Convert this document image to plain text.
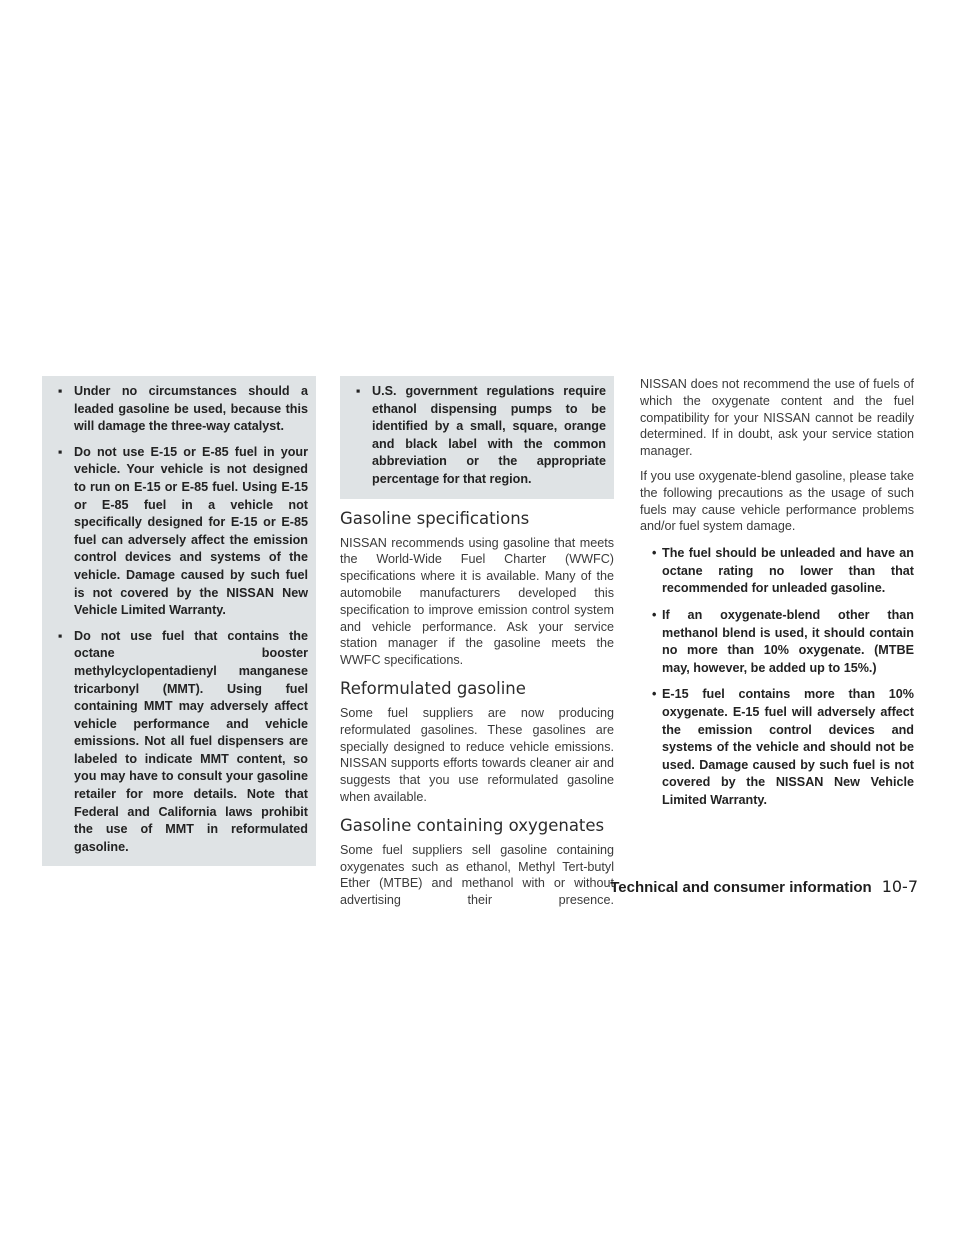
▪ Under no circumstances should a leaded gasoline be used, because this will damage the three-way catalyst.
▪ Do not use E-15 or E-85 fuel in your vehicle. Your vehicle is not designed to run on E-15 or E-85 fuel. Using E-15 or E-85 fuel in a vehicle not specifically designed for E-15 or E-85 fuel can adversely affect the emission control devices and systems of the vehicle. Damage caused by such fuel is not covered by the NISSAN New Vehicle Limited Warranty.
▪ Do not use fuel that contains the octane booster methylcyclopentadienyl manganese tricarbonyl (MMT). Using fuel containing MMT may adversely affect vehicle performance and vehicle emissions. Not all fuel dispensers are labeled to indicate MMT content, so you may have to consult your gasoline retailer for more details. Note that Federal and California laws prohibit the use of MMT in reformulated gasoline.
▪ U.S. government regulations require ethanol dispensing pumps to be identified by a small, square, orange and black label with the common abbreviation or the appropriate percentage for that region.
Gasoline specifications

NISSAN recommends using gasoline that meets the World-Wide Fuel Charter (WWFC) specifications where it is available. Many of the automobile manufacturers developed this specification to improve emission control system and vehicle performance. Ask your service station manager if the gasoline meets the WWFC specifications.

Reformulated gasoline

Some fuel suppliers are now producing reformulated gasolines. These gasolines are specially designed to reduce vehicle emissions. NISSAN supports efforts towards cleaner air and suggests that you use reformulated gasoline when available.

Gasoline containing oxygenates

Some fuel suppliers sell gasoline containing oxygenates such as ethanol, Methyl Tert-butyl Ether (MTBE) and methanol with or without advertising their presence.

NISSAN does not recommend the use of fuels of which the oxygenate content and the fuel compatibility for your NISSAN cannot be readily determined. If in doubt, ask your service station manager.

If you use oxygenate-blend gasoline, please take the following precautions as the usage of such fuels may cause vehicle performance problems and/or fuel system damage.

• The fuel should be unleaded and have an octane rating no lower than that recommended for unleaded gasoline.
• If an oxygenate-blend other than methanol blend is used, it should contain no more than 10% oxygenate. (MTBE may, however, be added up to 15%.)
• E-15 fuel contains more than 10% oxygenate. E-15 fuel will adversely affect the emission control devices and systems of the vehicle and should not be used. Damage caused by such fuel is not covered by the NISSAN New Vehicle Limited Warranty.
Technical and consumer information 10-7
